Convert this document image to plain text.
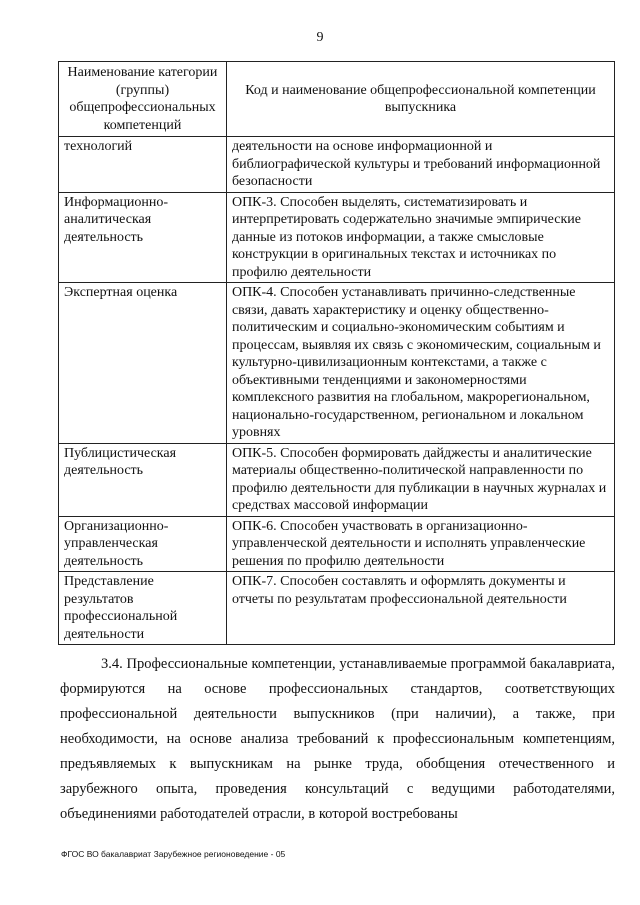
9
Наименование категории (группы) общепрофессиональных компетенций	Код и наименование общепрофессиональной компетенции выпускника
технологий	деятельности на основе информационной и библиографической культуры и требований информационной безопасности
Информационно-аналитическая деятельность	ОПК-3. Способен выделять, систематизировать и интерпретировать содержательно значимые эмпирические данные из потоков информации, а также смысловые конструкции в оригинальных текстах и источниках по профилю деятельности
Экспертная оценка	ОПК-4. Способен устанавливать причинно-следственные связи, давать характеристику и оценку общественно-политическим и социально-экономическим событиям и процессам, выявляя их связь с экономическим, социальным и культурно-цивилизационным контекстами, а также с объективными тенденциями и закономерностями комплексного развития на глобальном, макрорегиональном, национально-государственном, региональном и локальном уровнях
Публицистическая деятельность	ОПК-5. Способен формировать дайджесты и аналитические материалы общественно-политической направленности по профилю деятельности для публикации в научных журналах и средствах массовой информации
Организационно-управленческая деятельность	ОПК-6. Способен участвовать в организационно-управленческой деятельности и исполнять управленческие решения по профилю деятельности
Представление результатов профессиональной деятельности	ОПК-7. Способен составлять и оформлять документы и отчеты по результатам профессиональной деятельности
3.4. Профессиональные компетенции, устанавливаемые программой бакалавриата, формируются на основе профессиональных стандартов, соответствующих профессиональной деятельности выпускников (при наличии), а также, при необходимости, на основе анализа требований к профессиональным компетенциям, предъявляемых к выпускникам на рынке труда, обобщения отечественного и зарубежного опыта, проведения консультаций с ведущими работодателями, объединениями работодателей отрасли, в которой востребованы
ФГОС ВО бакалавриат Зарубежное регионоведение - 05
